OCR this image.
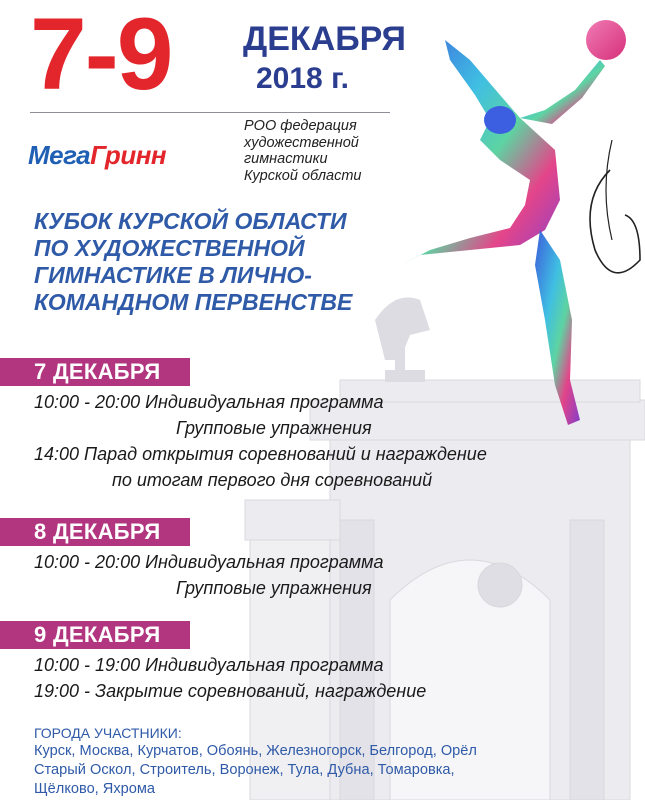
7-9 ДЕКАБРЯ
2018 г.
МегаГринн
РОО федерация
художественной
гимнастики
Курской области
КУБОК КУРСКОЙ ОБЛАСТИ
ПО ХУДОЖЕСТВЕННОЙ
ГИМНАСТИКЕ В ЛИЧНО-
КОМАНДНОМ ПЕРВЕНСТВЕ
7 ДЕКАБРЯ
10:00 - 20:00 Индивидуальная программа
Групповые упражнения
14:00 Парад открытия соревнований и награждение
по итогам первого дня соревнований
8 ДЕКАБРЯ
10:00 - 20:00 Индивидуальная программа
Групповые упражнения
9 ДЕКАБРЯ
10:00 - 19:00 Индивидуальная программа
19:00 - Закрытие соревнований, награждение
ГОРОДА УЧАСТНИКИ:
Курск, Москва, Курчатов, Обоянь, Железногорск, Белгород, Орёл
Старый Оскол, Строитель, Воронеж, Тула, Дубна, Томаровка,
Щёлково, Яхрома
